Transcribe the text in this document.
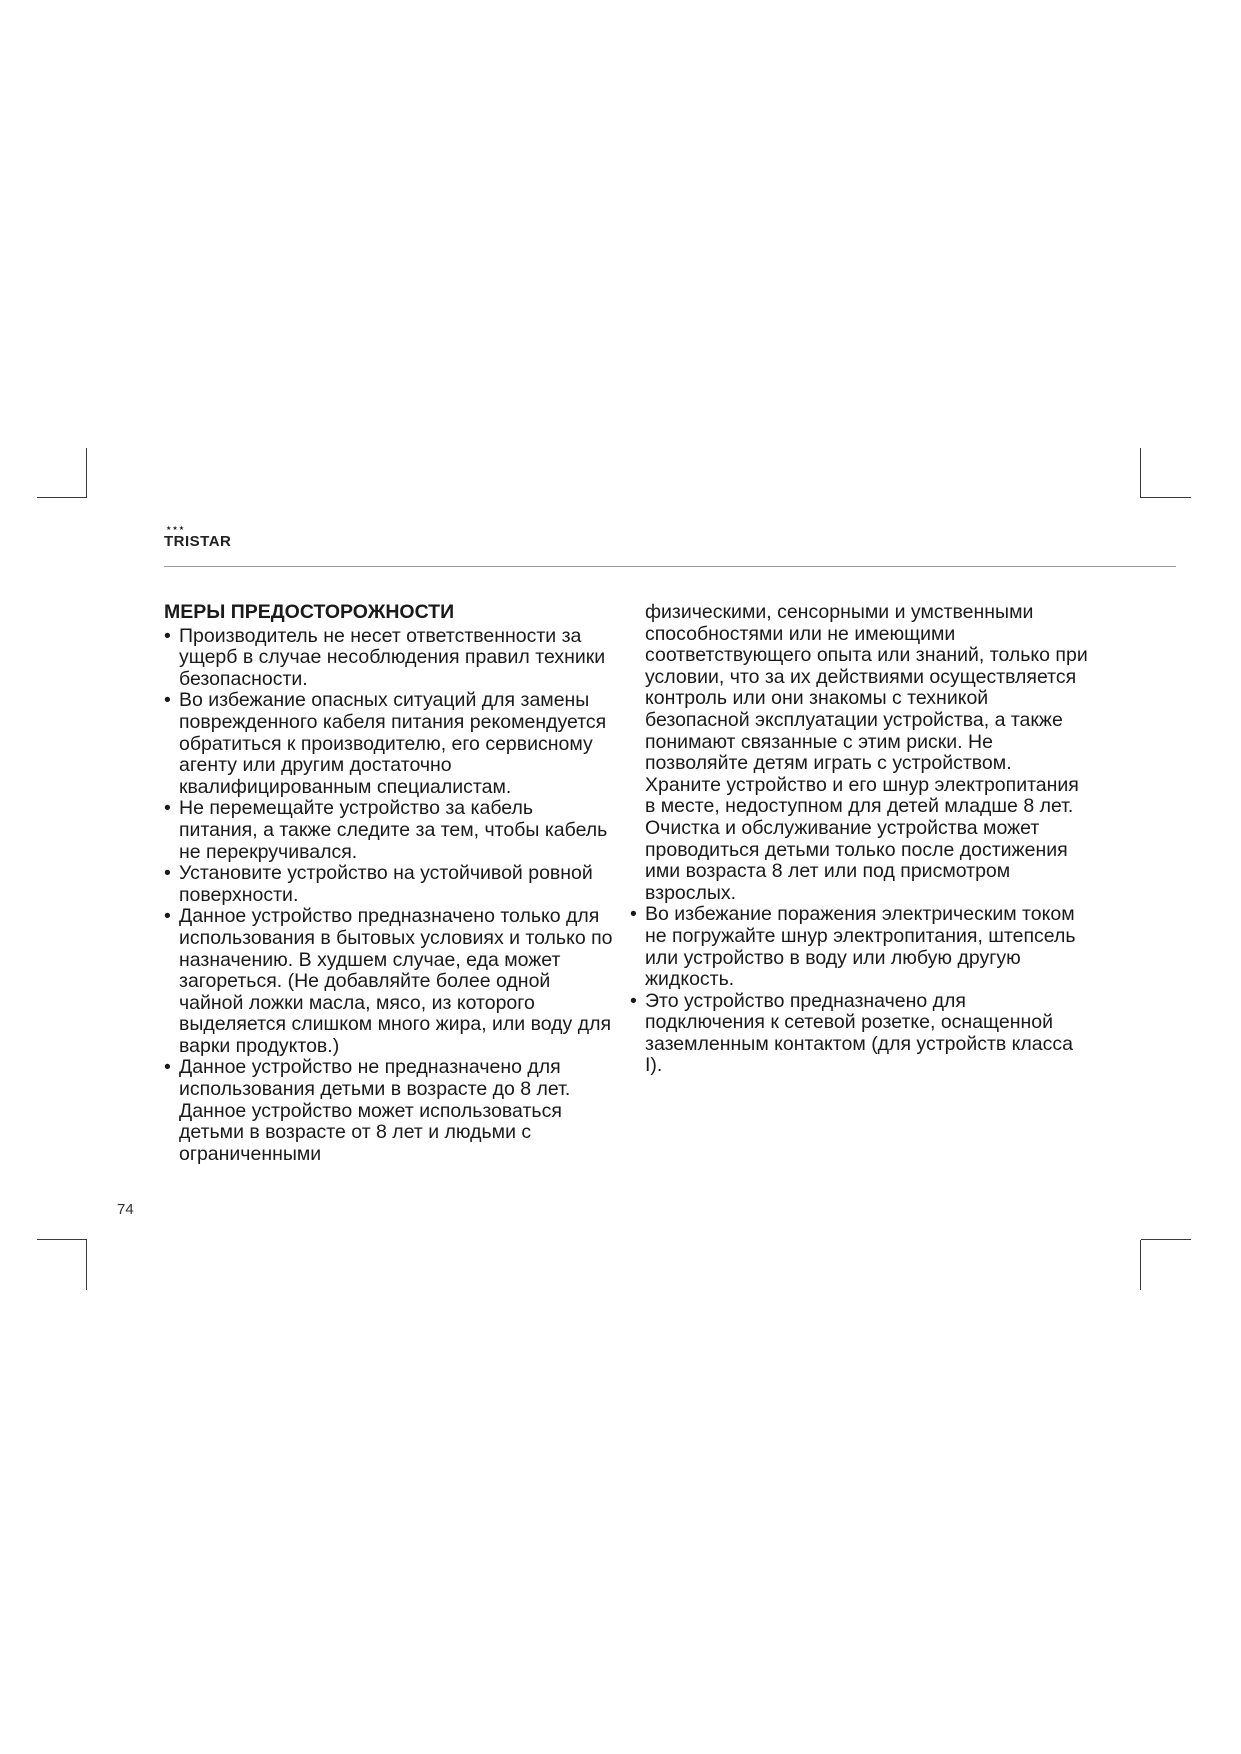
★★★
TRISTAR
МЕРЫ ПРЕДОСТОРОЖНОСТИ
• Производитель не несет ответственности за ущерб в случае несоблюдения правил техники безопасности.
• Во избежание опасных ситуаций для замены поврежденного кабеля питания рекомендуется обратиться к производителю, его сервисному агенту или другим достаточно квалифицированным специалистам.
• Не перемещайте устройство за кабель питания, а также следите за тем, чтобы кабель не перекручивался.
• Установите устройство на устойчивой ровной поверхности.
• Данное устройство предназначено только для использования в бытовых условиях и только по назначению. В худшем случае, еда может загореться. (Не добавляйте более одной чайной ложки масла, мясо, из которого выделяется слишком много жира, или воду для варки продуктов.)
• Данное устройство не предназначено для использования детьми в возрасте до 8 лет. Данное устройство может использоваться детьми в возрасте от 8 лет и людьми с ограниченными

физическими, сенсорными и умственными способностями или не имеющими соответствующего опыта или знаний, только при условии, что за их действиями осуществляется контроль или они знакомы с техникой безопасной эксплуатации устройства, а также понимают связанные с этим риски. Не позволяйте детям играть с устройством. Храните устройство и его шнур электропитания в месте, недоступном для детей младше 8 лет. Очистка и обслуживание устройства может проводиться детьми только после достижения ими возраста 8 лет или под присмотром взрослых.

• Во избежание поражения электрическим током не погружайте шнур электропитания, штепсель или устройство в воду или любую другую жидкость.
• Это устройство предназначено для подключения к сетевой розетке, оснащенной заземленным контактом (для устройств класса I).
74
